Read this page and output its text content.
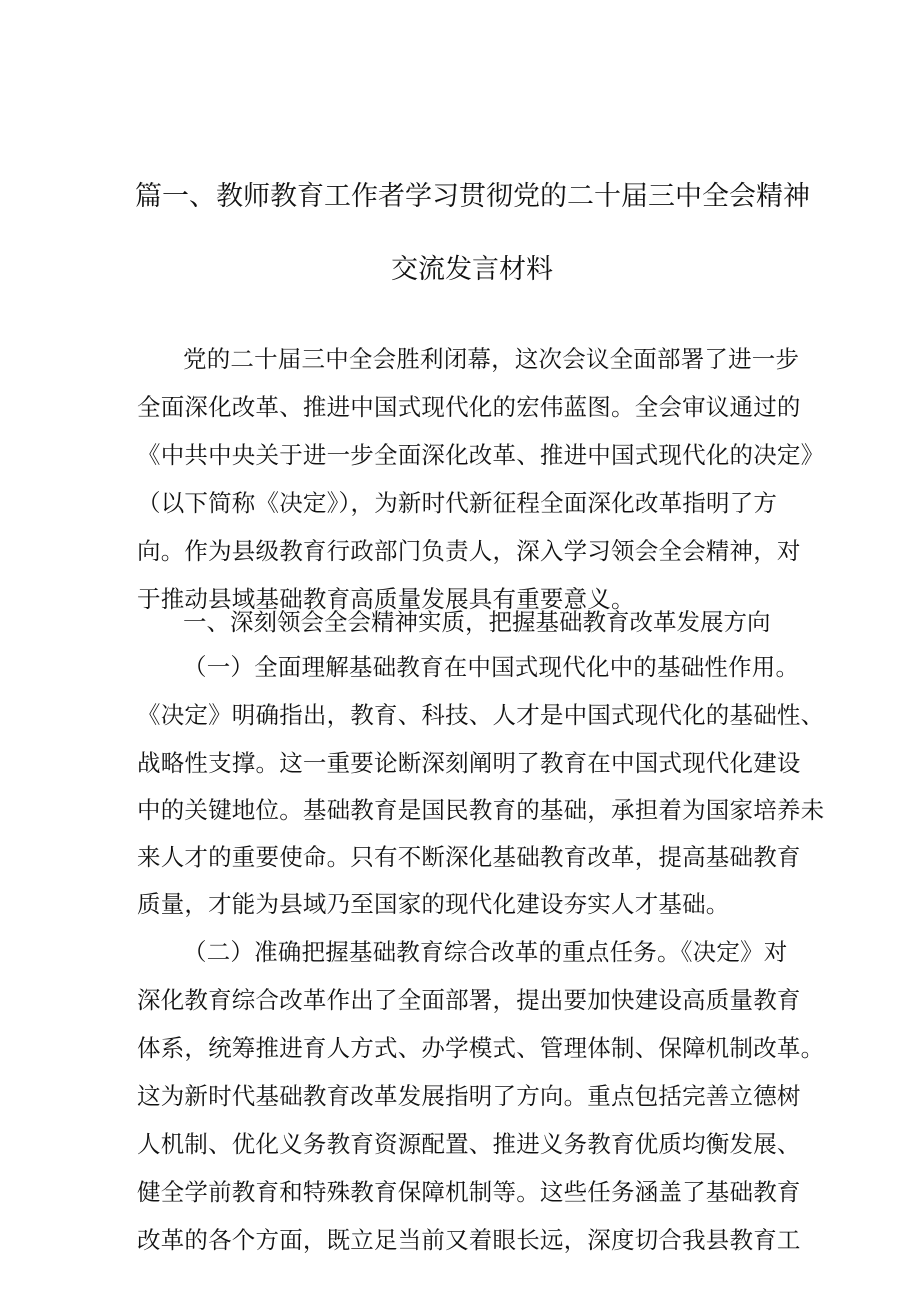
篇一、教师教育工作者学习贯彻党的二十届三中全会精神
交流发言材料
党的二十届三中全会胜利闭幕，这次会议全面部署了进一步
全面深化改革、推进中国式现代化的宏伟蓝图。全会审议通过的
《中共中央关于进一步全面深化改革、推进中国式现代化的决定》
（以下简称《决定》），为新时代新征程全面深化改革指明了方
向。作为县级教育行政部门负责人，深入学习领会全会精神，对
于推动县域基础教育高质量发展具有重要意义。
一、深刻领会全会精神实质，把握基础教育改革发展方向
（一）全面理解基础教育在中国式现代化中的基础性作用。
《决定》明确指出，教育、科技、人才是中国式现代化的基础性、
战略性支撑。这一重要论断深刻阐明了教育在中国式现代化建设
中的关键地位。基础教育是国民教育的基础，承担着为国家培养未
来人才的重要使命。只有不断深化基础教育改革，提高基础教育
质量，才能为县域乃至国家的现代化建设夯实人才基础。
（二）准确把握基础教育综合改革的重点任务。《决定》对
深化教育综合改革作出了全面部署，提出要加快建设高质量教育
体系，统筹推进育人方式、办学模式、管理体制、保障机制改革。
这为新时代基础教育改革发展指明了方向。重点包括完善立德树
人机制、优化义务教育资源配置、推进义务教育优质均衡发展、
健全学前教育和特殊教育保障机制等。这些任务涵盖了基础教育
改革的各个方面，既立足当前又着眼长远，深度切合我县教育工
